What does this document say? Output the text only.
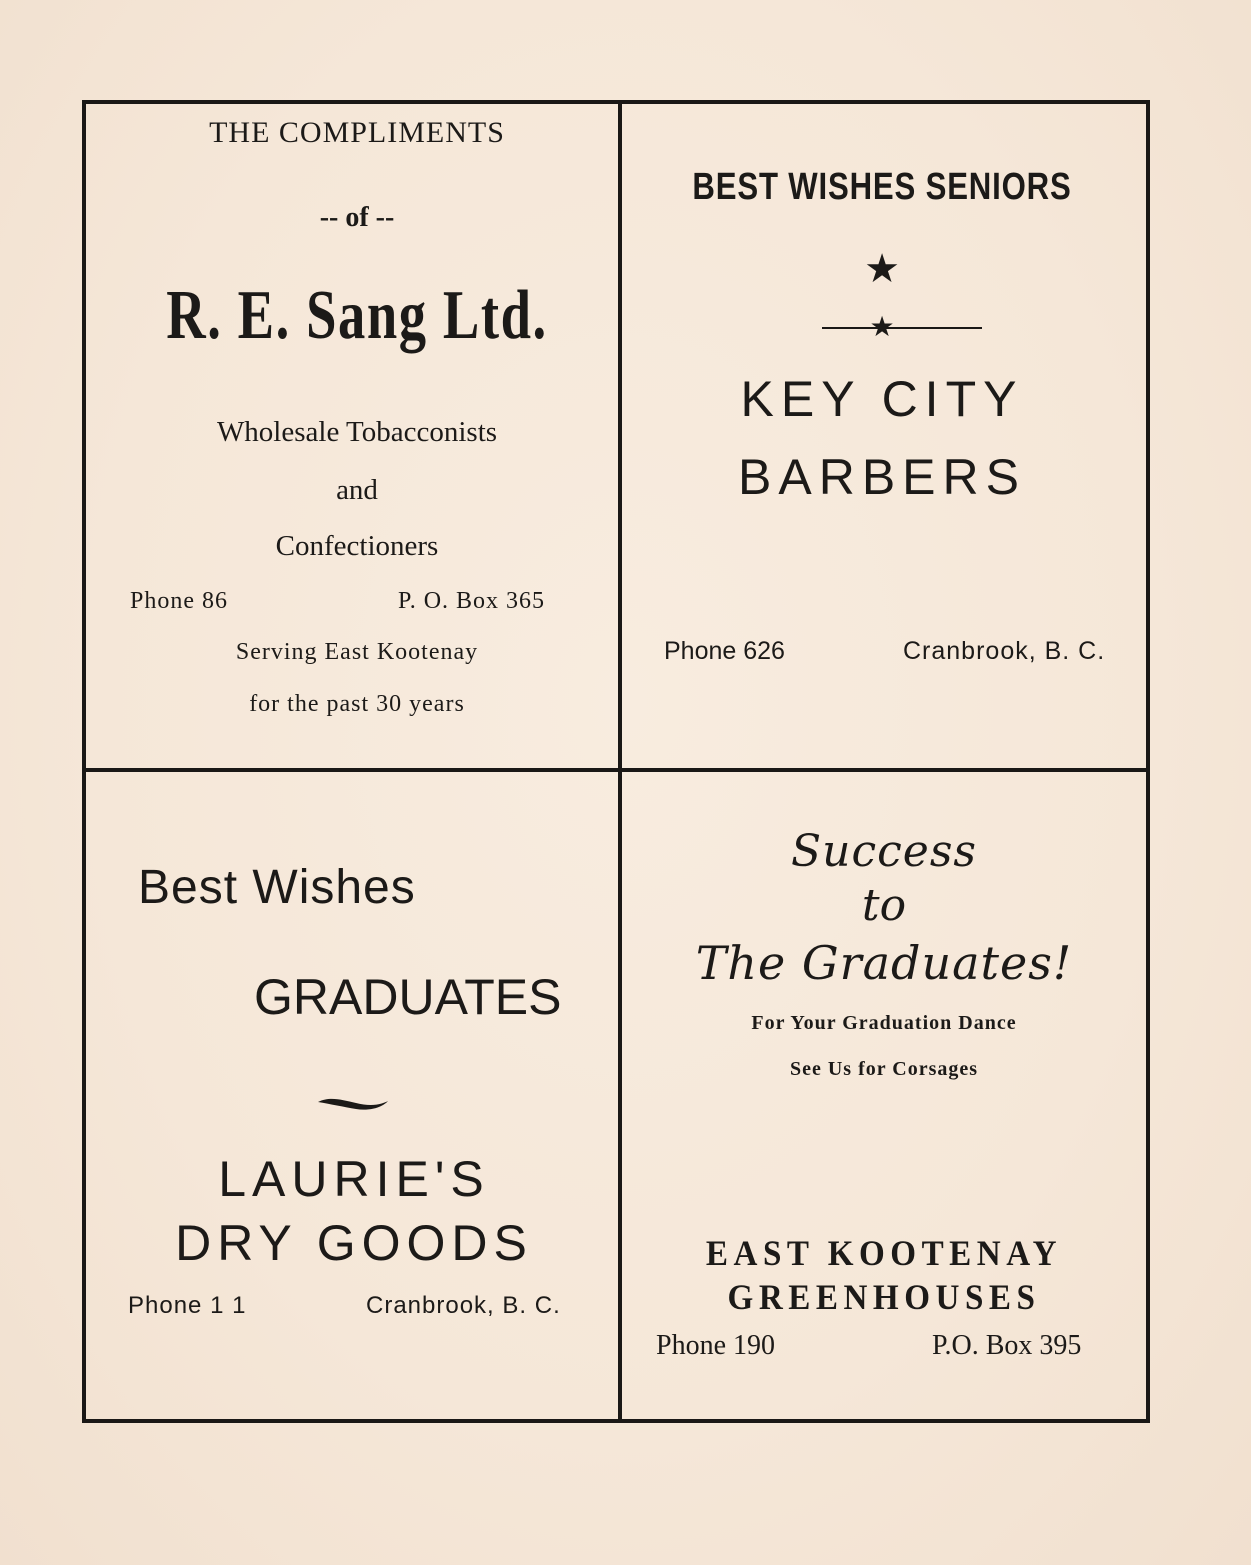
THE COMPLIMENTS
-- of --
R. E. Sang Ltd.
Wholesale Tobacconists
and
Confectioners
Phone 86	P. O. Box 365
Serving East Kootenay
for the past 30 years
BEST WISHES SENIORS
★
★
KEY CITY
BARBERS
Phone 626	Cranbrook, B. C.
Best Wishes
GRADUATES
LAURIE'S
DRY GOODS
Phone 1 1	Cranbrook, B. C.
Success
to
The Graduates!
For Your Graduation Dance
See Us for Corsages
EAST KOOTENAY
GREENHOUSES
Phone 190	P.O. Box 395
